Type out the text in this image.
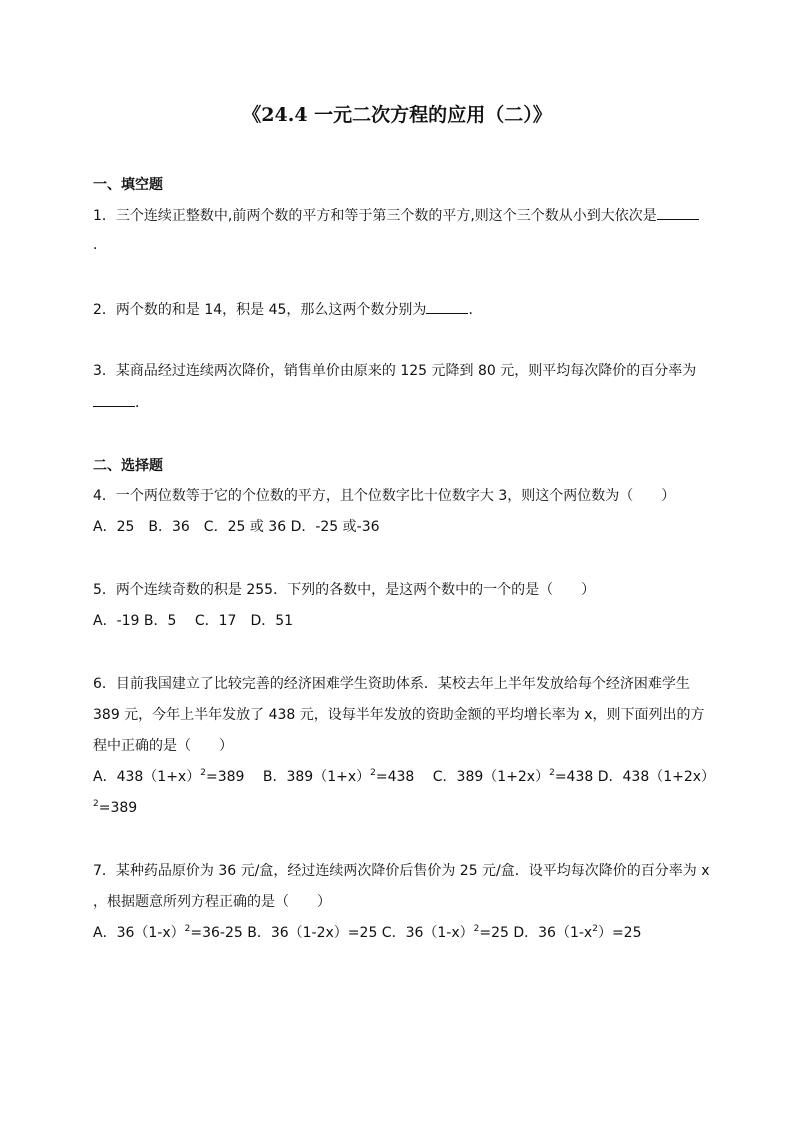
《24.4 一元二次方程的应用（二）》
一、填空题
1．三个连续正整数中,前两个数的平方和等于第三个数的平方,则这个三个数从小到大依次是
．
2．两个数的和是 14，积是 45，那么这两个数分别为	．
3．某商品经过连续两次降价，销售单价由原来的 125 元降到 80 元，则平均每次降价的百分率为
．
二、选择题
4．一个两位数等于它的个位数的平方，且个位数字比十位数字大 3，则这个两位数为（　　）
A．25　B．36　C．25 或 36 D．-25 或-36
5．两个连续奇数的积是 255．下列的各数中，是这两个数中的一个的是（　　）
A．-19 B．5　 C．17　D．51
6．目前我国建立了比较完善的经济困难学生资助体系．某校去年上半年发放给每个经济困难学生
389 元，今年上半年发放了 438 元，设每半年发放的资助金额的平均增长率为 x，则下面列出的方
程中正确的是（　　）
A．$438(1+x)^2=389$　 B．$389(1+x)^2=438$　 C．$389(1+2x)^2=438$ D．438（1+2x）
$^2$=389
7．某种药品原价为 36 元/盒，经过连续两次降价后售价为 25 元/盒．设平均每次降价的百分率为 x
，根据题意所列方程正确的是（　　）
A．$36(1-x)^2=36-25$ B．36（1-2x）=25 C．$36(1-x)^2=25$ D．$36(1-x^2)=25$
